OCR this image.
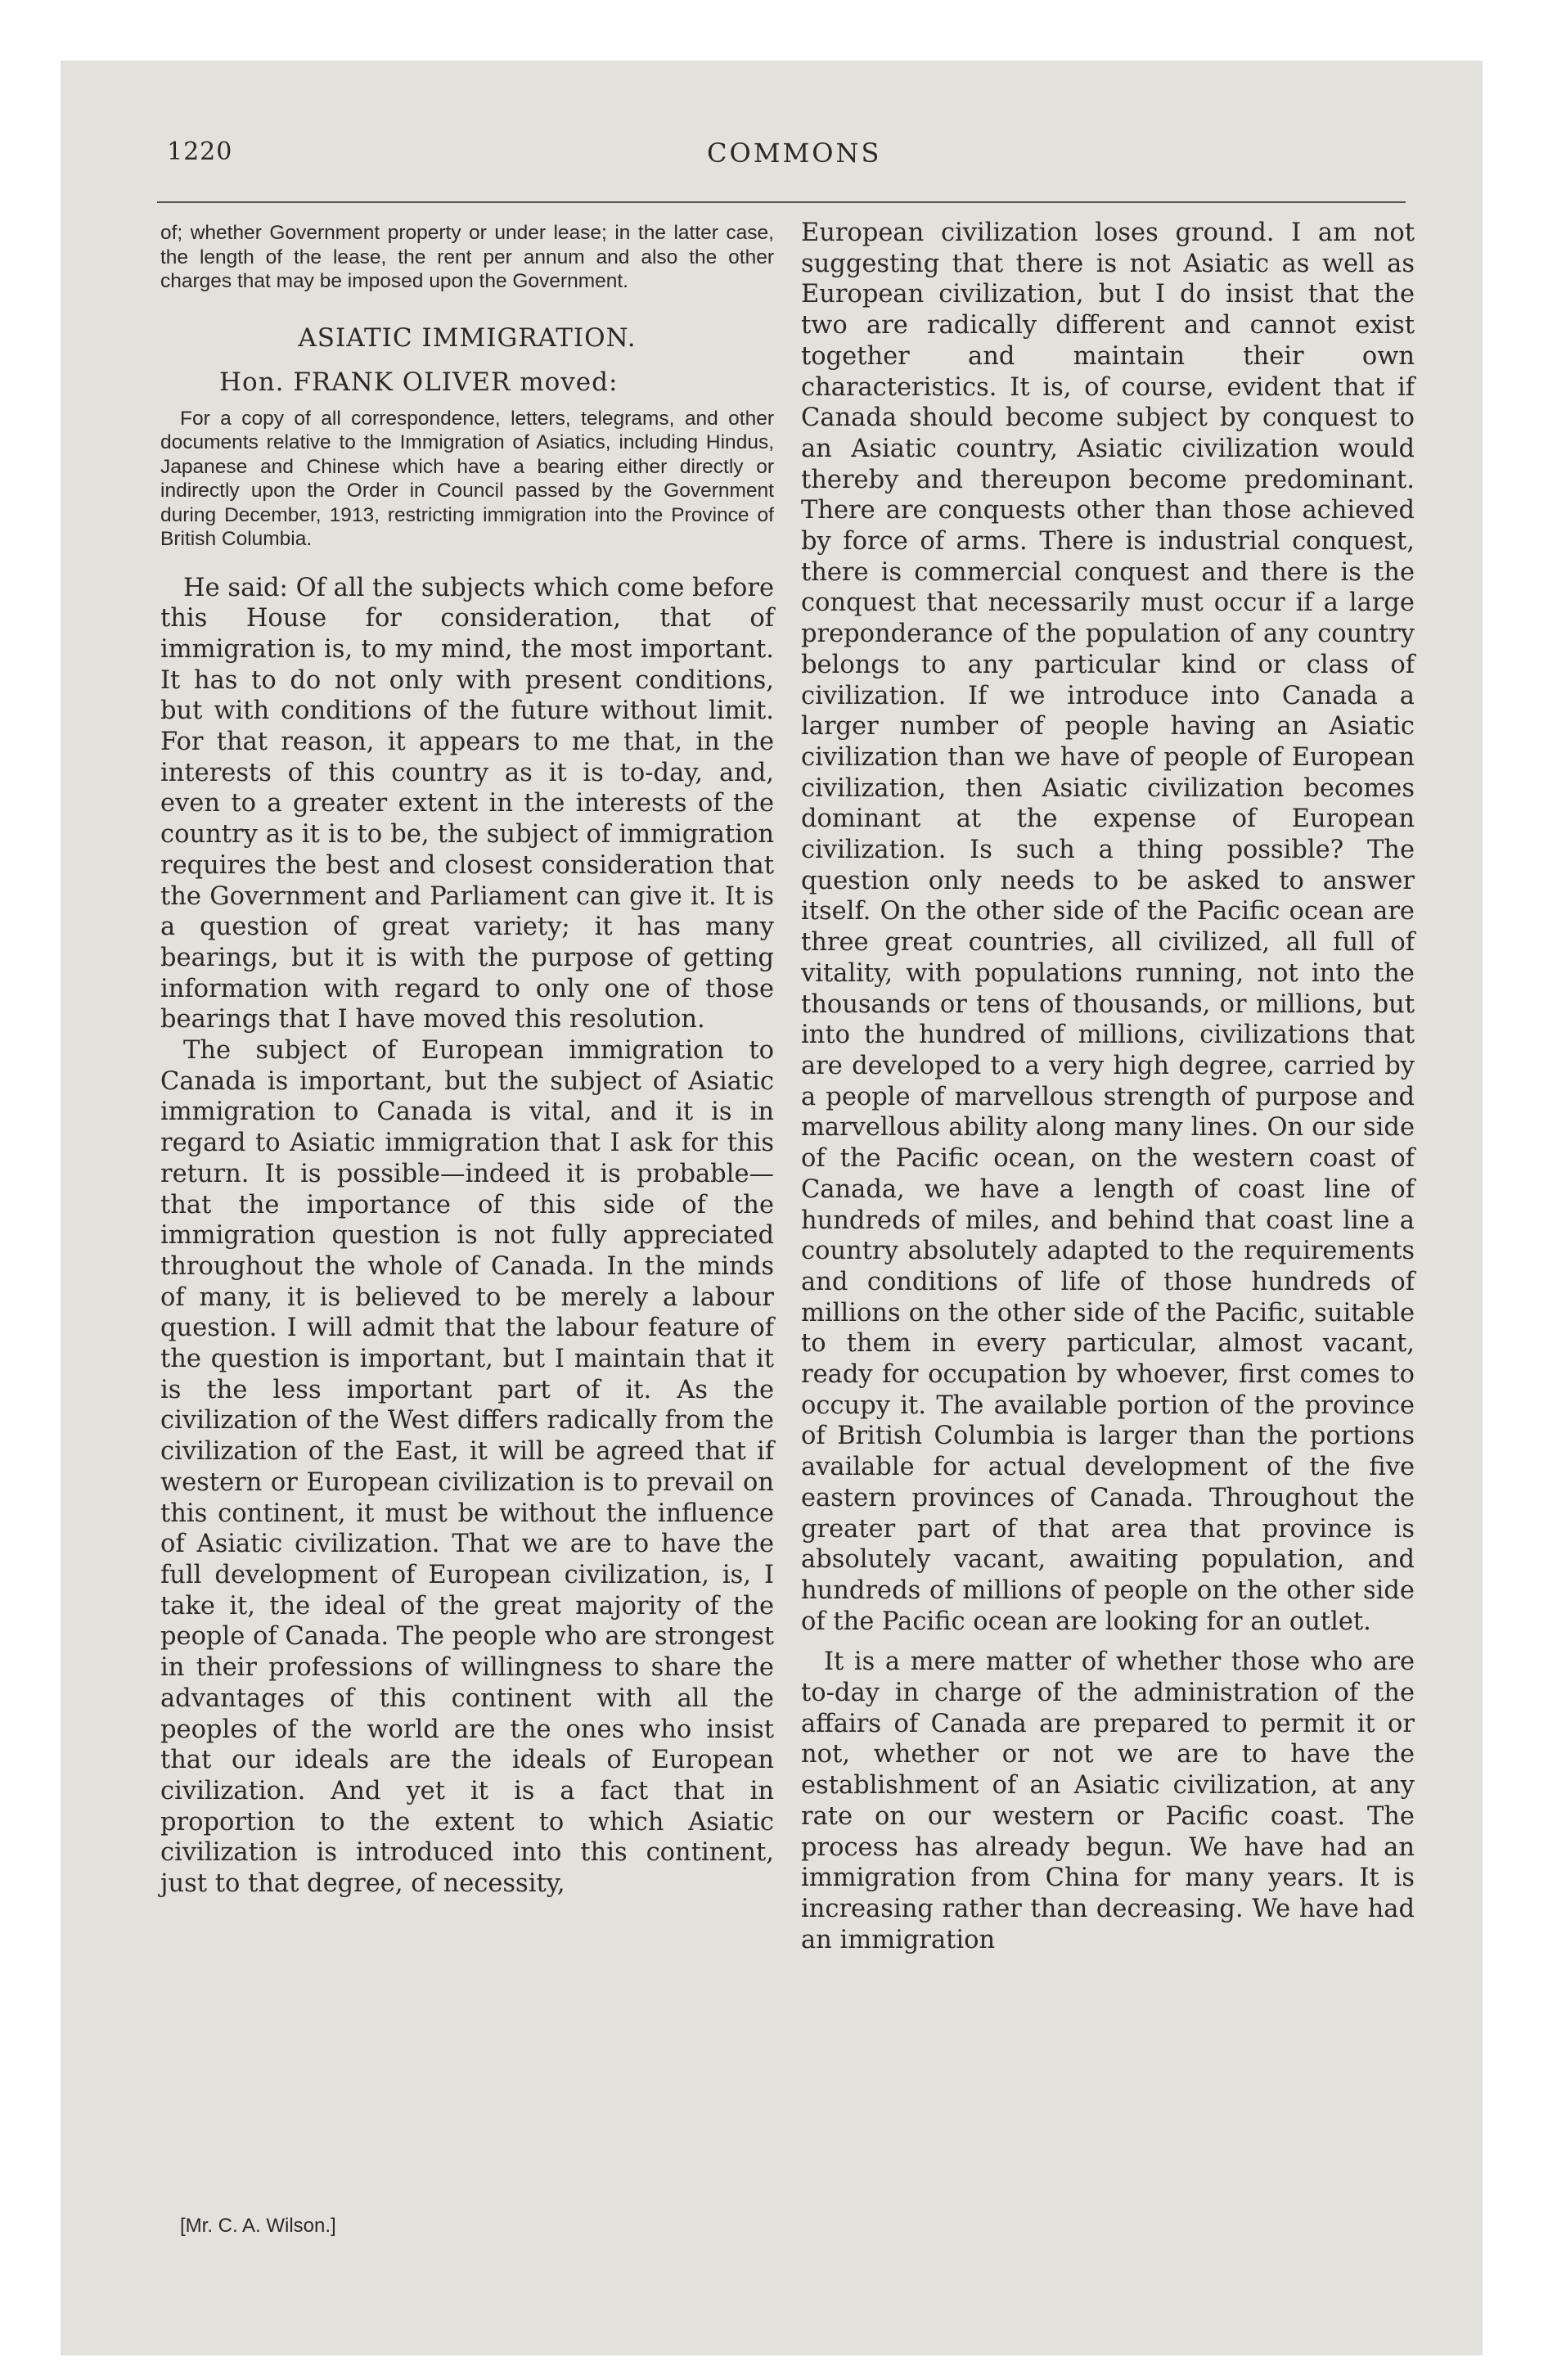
1220	COMMONS

of; whether Government property or under lease; in the latter case, the length of the lease, the rent per annum and also the other charges that may be imposed upon the Government.

ASIATIC IMMIGRATION.
Hon. FRANK OLIVER moved:

For a copy of all correspondence, letters, telegrams, and other documents relative to the Immigration of Asiatics, including Hindus, Japanese and Chinese which have a bearing either directly or indirectly upon the Order in Council passed by the Government during December, 1913, restricting immigration into the Province of British Columbia.

He said: Of all the subjects which come before this House for consideration, that of immigration is, to my mind, the most important. It has to do not only with present conditions, but with conditions of the future without limit. For that reason, it appears to me that, in the interests of this country as it is to-day, and, even to a greater extent in the interests of the country as it is to be, the subject of immigration requires the best and closest consideration that the Government and Parliament can give it. It is a question of great variety; it has many bearings, but it is with the purpose of getting information with regard to only one of those bearings that I have moved this resolution.

The subject of European immigration to Canada is important, but the subject of Asiatic immigration to Canada is vital, and it is in regard to Asiatic immigration that I ask for this return. It is possible—indeed it is probable—that the importance of this side of the immigration question is not fully appreciated throughout the whole of Canada. In the minds of many, it is believed to be merely a labour question. I will admit that the labour feature of the question is important, but I maintain that it is the less important part of it. As the civilization of the West differs radically from the civilization of the East, it will be agreed that if western or European civilization is to prevail on this continent, it must be without the influence of Asiatic civilization. That we are to have the full development of European civilization, is, I take it, the ideal of the great majority of the people of Canada. The people who are strongest in their professions of willingness to share the advantages of this continent with all the peoples of the world are the ones who insist that our ideals are the ideals of European civilization. And yet it is a fact that in proportion to the extent to which Asiatic civilization is introduced into this continent, just to that degree, of necessity,

European civilization loses ground. I am not suggesting that there is not Asiatic as well as European civilization, but I do insist that the two are radically different and cannot exist together and maintain their own characteristics. It is, of course, evident that if Canada should become subject by conquest to an Asiatic country, Asiatic civilization would thereby and thereupon become predominant. There are conquests other than those achieved by force of arms. There is industrial conquest, there is commercial conquest and there is the conquest that necessarily must occur if a large preponderance of the population of any country belongs to any particular kind or class of civilization. If we introduce into Canada a larger number of people having an Asiatic civilization than we have of people of European civilization, then Asiatic civilization becomes dominant at the expense of European civilization. Is such a thing possible? The question only needs to be asked to answer itself. On the other side of the Pacific ocean are three great countries, all civilized, all full of vitality, with populations running, not into the thousands or tens of thousands, or millions, but into the hundred of millions, civilizations that are developed to a very high degree, carried by a people of marvellous strength of purpose and marvellous ability along many lines. On our side of the Pacific ocean, on the western coast of Canada, we have a length of coast line of hundreds of miles, and behind that coast line a country absolutely adapted to the requirements and conditions of life of those hundreds of millions on the other side of the Pacific, suitable to them in every particular, almost vacant, ready for occupation by whoever, first comes to occupy it. The available portion of the province of British Columbia is larger than the portions available for actual development of the five eastern provinces of Canada. Throughout the greater part of that area that province is absolutely vacant, awaiting population, and hundreds of millions of people on the other side of the Pacific ocean are looking for an outlet.

It is a mere matter of whether those who are to-day in charge of the administration of the affairs of Canada are prepared to permit it or not, whether or not we are to have the establishment of an Asiatic civilization, at any rate on our western or Pacific coast. The process has already begun. We have had an immigration from China for many years. It is increasing rather than decreasing. We have had an immigration

[Mr. C. A. Wilson.]
